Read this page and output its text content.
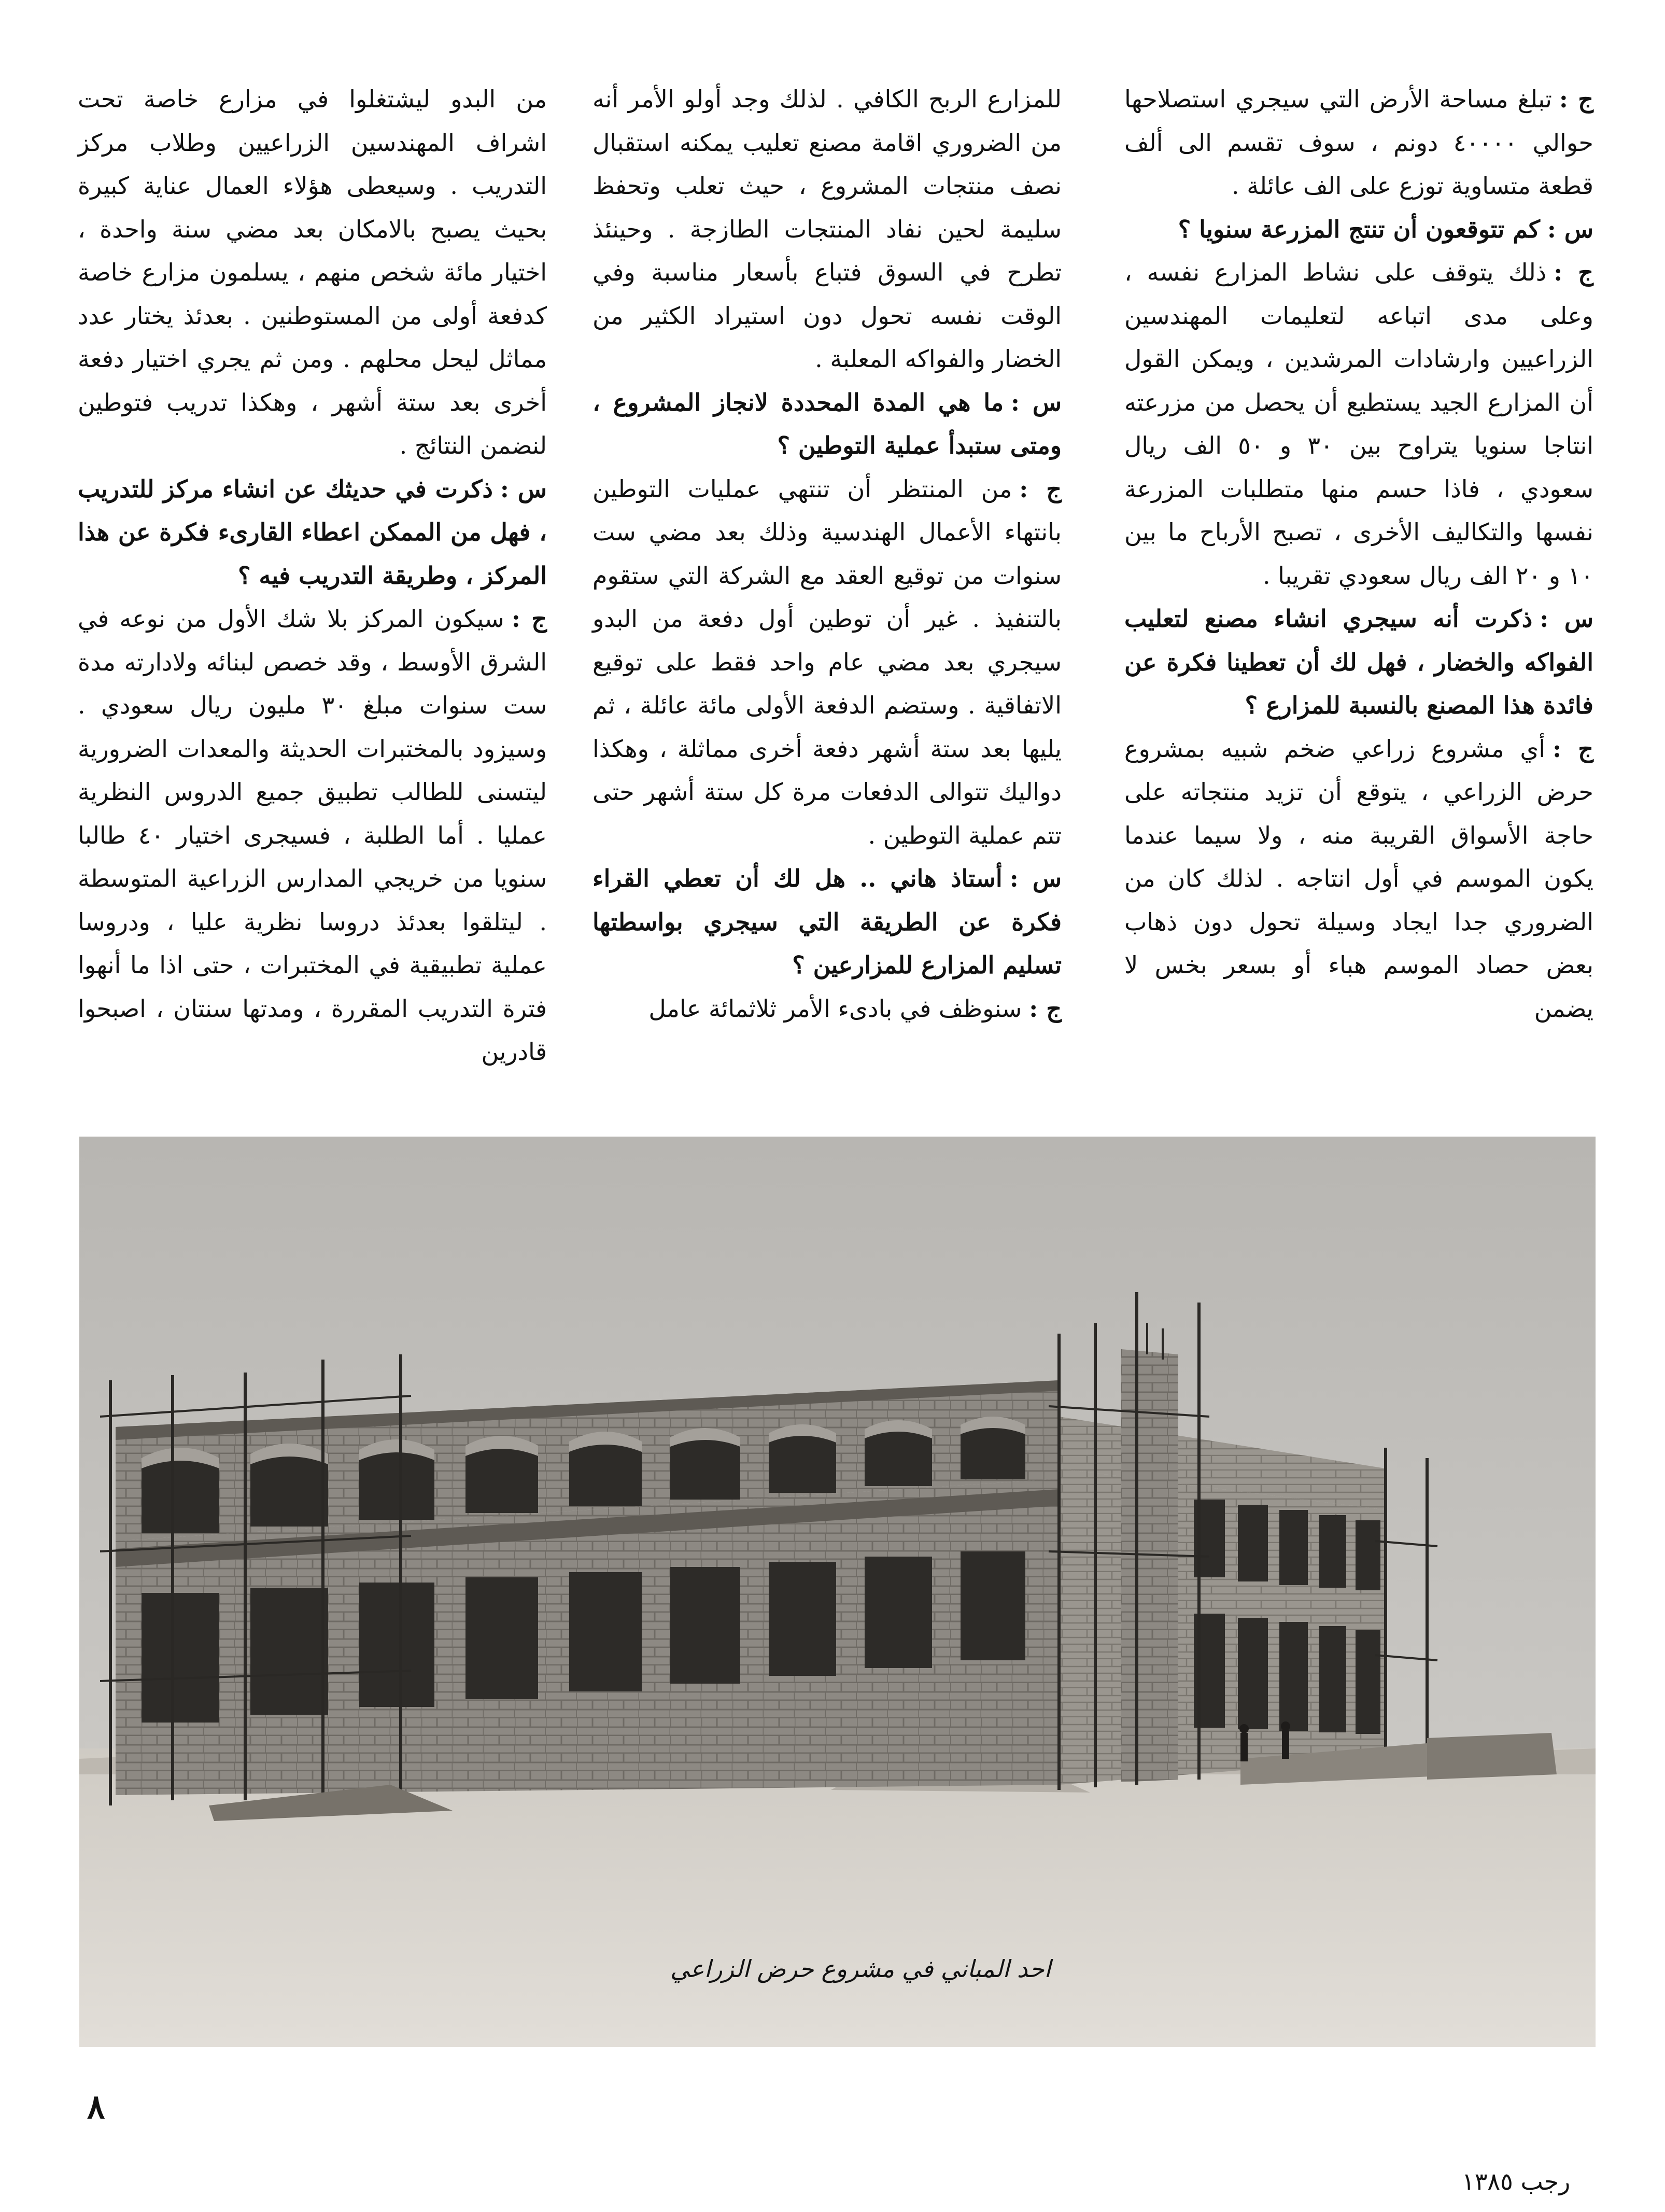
ج :تبلغ مساحة الأرض التي سيجري استصلاحها حوالي ٤٠٠٠٠ دونم ، سوف تقسم الى ألف قطعة متساوية توزع على الف عائلة .

س :كم تتوقعون أن تنتج المزرعة سنويا ؟

ج :ذلك يتوقف على نشاط المزارع نفسه ، وعلى مدى اتباعه لتعليمات المهندسين الزراعيين وارشادات المرشدين ، ويمكن القول أن المزارع الجيد يستطيع أن يحصل من مزرعته انتاجا سنويا يتراوح بين ٣٠ و ٥٠ الف ريال سعودي ، فاذا حسم منها متطلبات المزرعة نفسها والتكاليف الأخرى ، تصبح الأرباح ما بين ١٠ و ٢٠ الف ريال سعودي تقريبا .

س :ذكرت أنه سيجري انشاء مصنع لتعليب الفواكه والخضار ، فهل لك أن تعطينا فكرة عن فائدة هذا المصنع بالنسبة للمزارع ؟

ج :أي مشروع زراعي ضخم شبيه بمشروع حرض الزراعي ، يتوقع أن تزيد منتجاته على حاجة الأسواق القريبة منه ، ولا سيما عندما يكون الموسم في أول انتاجه . لذلك كان من الضروري جدا ايجاد وسيلة تحول دون ذهاب بعض حصاد الموسم هباء أو بسعر بخس لا يضمن

للمزارع الربح الكافي . لذلك وجد أولو الأمر أنه من الضروري اقامة مصنع تعليب يمكنه استقبال نصف منتجات المشروع ، حيث تعلب وتحفظ سليمة لحين نفاد المنتجات الطازجة . وحينئذ تطرح في السوق فتباع بأسعار مناسبة وفي الوقت نفسه تحول دون استيراد الكثير من الخضار والفواكه المعلبة .

س :ما هي المدة المحددة لانجاز المشروع ، ومتى ستبدأ عملية التوطين ؟

ج :من المنتظر أن تنتهي عمليات التوطين بانتهاء الأعمال الهندسية وذلك بعد مضي ست سنوات من توقيع العقد مع الشركة التي ستقوم بالتنفيذ . غير أن توطين أول دفعة من البدو سيجري بعد مضي عام واحد فقط على توقيع الاتفاقية . وستضم الدفعة الأولى مائة عائلة ، ثم يليها بعد ستة أشهر دفعة أخرى مماثلة ، وهكذا دواليك تتوالى الدفعات مرة كل ستة أشهر حتى تتم عملية التوطين .

س :أستاذ هاني .. هل لك أن تعطي القراء فكرة عن الطريقة التي سيجري بواسطتها تسليم المزارع للمزارعين ؟

ج :سنوظف في بادىء الأمر ثلاثمائة عامل

من البدو ليشتغلوا في مزارع خاصة تحت اشراف المهندسين الزراعيين وطلاب مركز التدريب . وسيعطى هؤلاء العمال عناية كبيرة بحيث يصبح بالامكان بعد مضي سنة واحدة ، اختيار مائة شخص منهم ، يسلمون مزارع خاصة كدفعة أولى من المستوطنين . بعدئذ يختار عدد مماثل ليحل محلهم . ومن ثم يجري اختيار دفعة أخرى بعد ستة أشهر ، وهكذا تدريب فتوطين لنضمن النتائج .

س :ذكرت في حديثك عن انشاء مركز للتدريب ، فهل من الممكن اعطاء القارىء فكرة عن هذا المركز ، وطريقة التدريب فيه ؟

ج :سيكون المركز بلا شك الأول من نوعه في الشرق الأوسط ، وقد خصص لبنائه ولادارته مدة ست سنوات مبلغ ٣٠ مليون ريال سعودي . وسيزود بالمختبرات الحديثة والمعدات الضرورية ليتسنى للطالب تطبيق جميع الدروس النظرية عمليا . أما الطلبة ، فسيجرى اختيار ٤٠ طالبا سنويا من خريجي المدارس الزراعية المتوسطة . ليتلقوا بعدئذ دروسا نظرية عليا ، ودروسا عملية تطبيقية في المختبرات ، حتى اذا ما أنهوا فترة التدريب المقررة ، ومدتها سنتان ، اصبحوا قادرين

احد المباني في مشروع حرض الزراعي
٨
رجب ١٣٨٥
